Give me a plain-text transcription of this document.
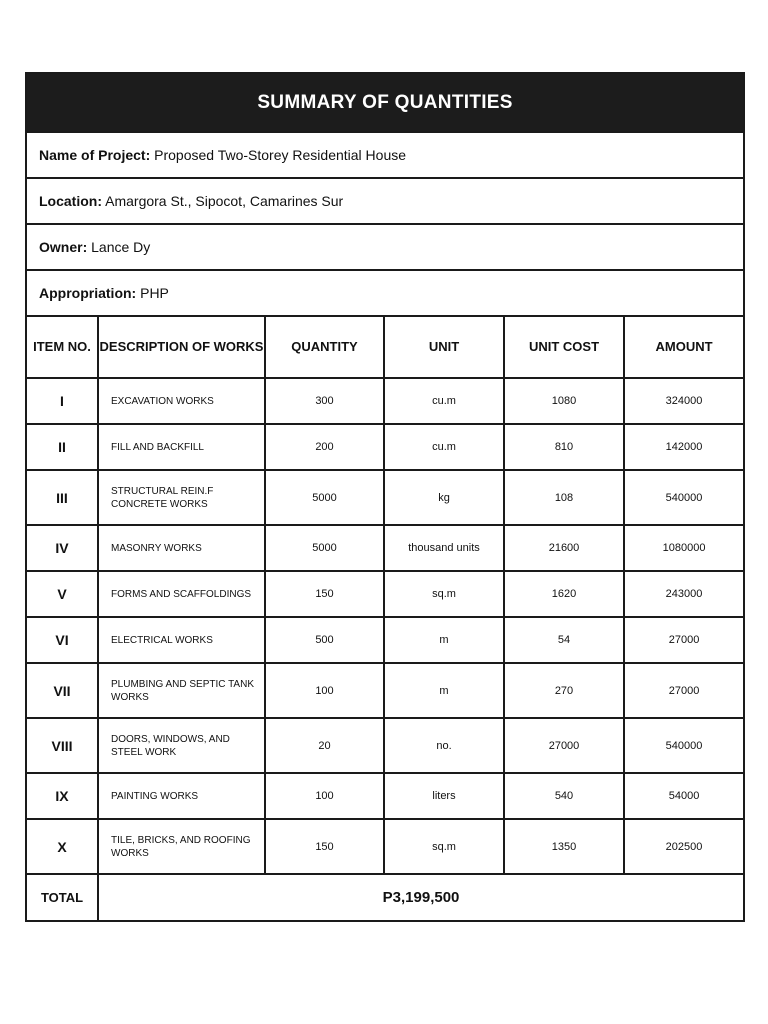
SUMMARY OF QUANTITIES					
Name of Project: Proposed Two-Storey Residential House					
Location: Amargora St., Sipocot, Camarines Sur					
Owner: Lance Dy					
Appropriation: PHP					
ITEM NO.	DESCRIPTION OF WORKS	QUANTITY	UNIT	UNIT COST	AMOUNT
I	EXCAVATION WORKS	300	cu.m	1080	324000
II	FILL AND BACKFILL	200	cu.m	810	142000
III	STRUCTURAL REIN.F CONCRETE WORKS	5000	kg	108	540000
IV	MASONRY WORKS	5000	thousand units	21600	1080000
V	FORMS AND SCAFFOLDINGS	150	sq.m	1620	243000
VI	ELECTRICAL WORKS	500	m	54	27000
VII	PLUMBING AND SEPTIC TANK WORKS	100	m	270	27000
VIII	DOORS, WINDOWS, AND STEEL WORK	20	no.	27000	540000
IX	PAINTING WORKS	100	liters	540	54000
X	TILE, BRICKS, AND ROOFING WORKS	150	sq.m	1350	202500
TOTAL	P3,199,500				
